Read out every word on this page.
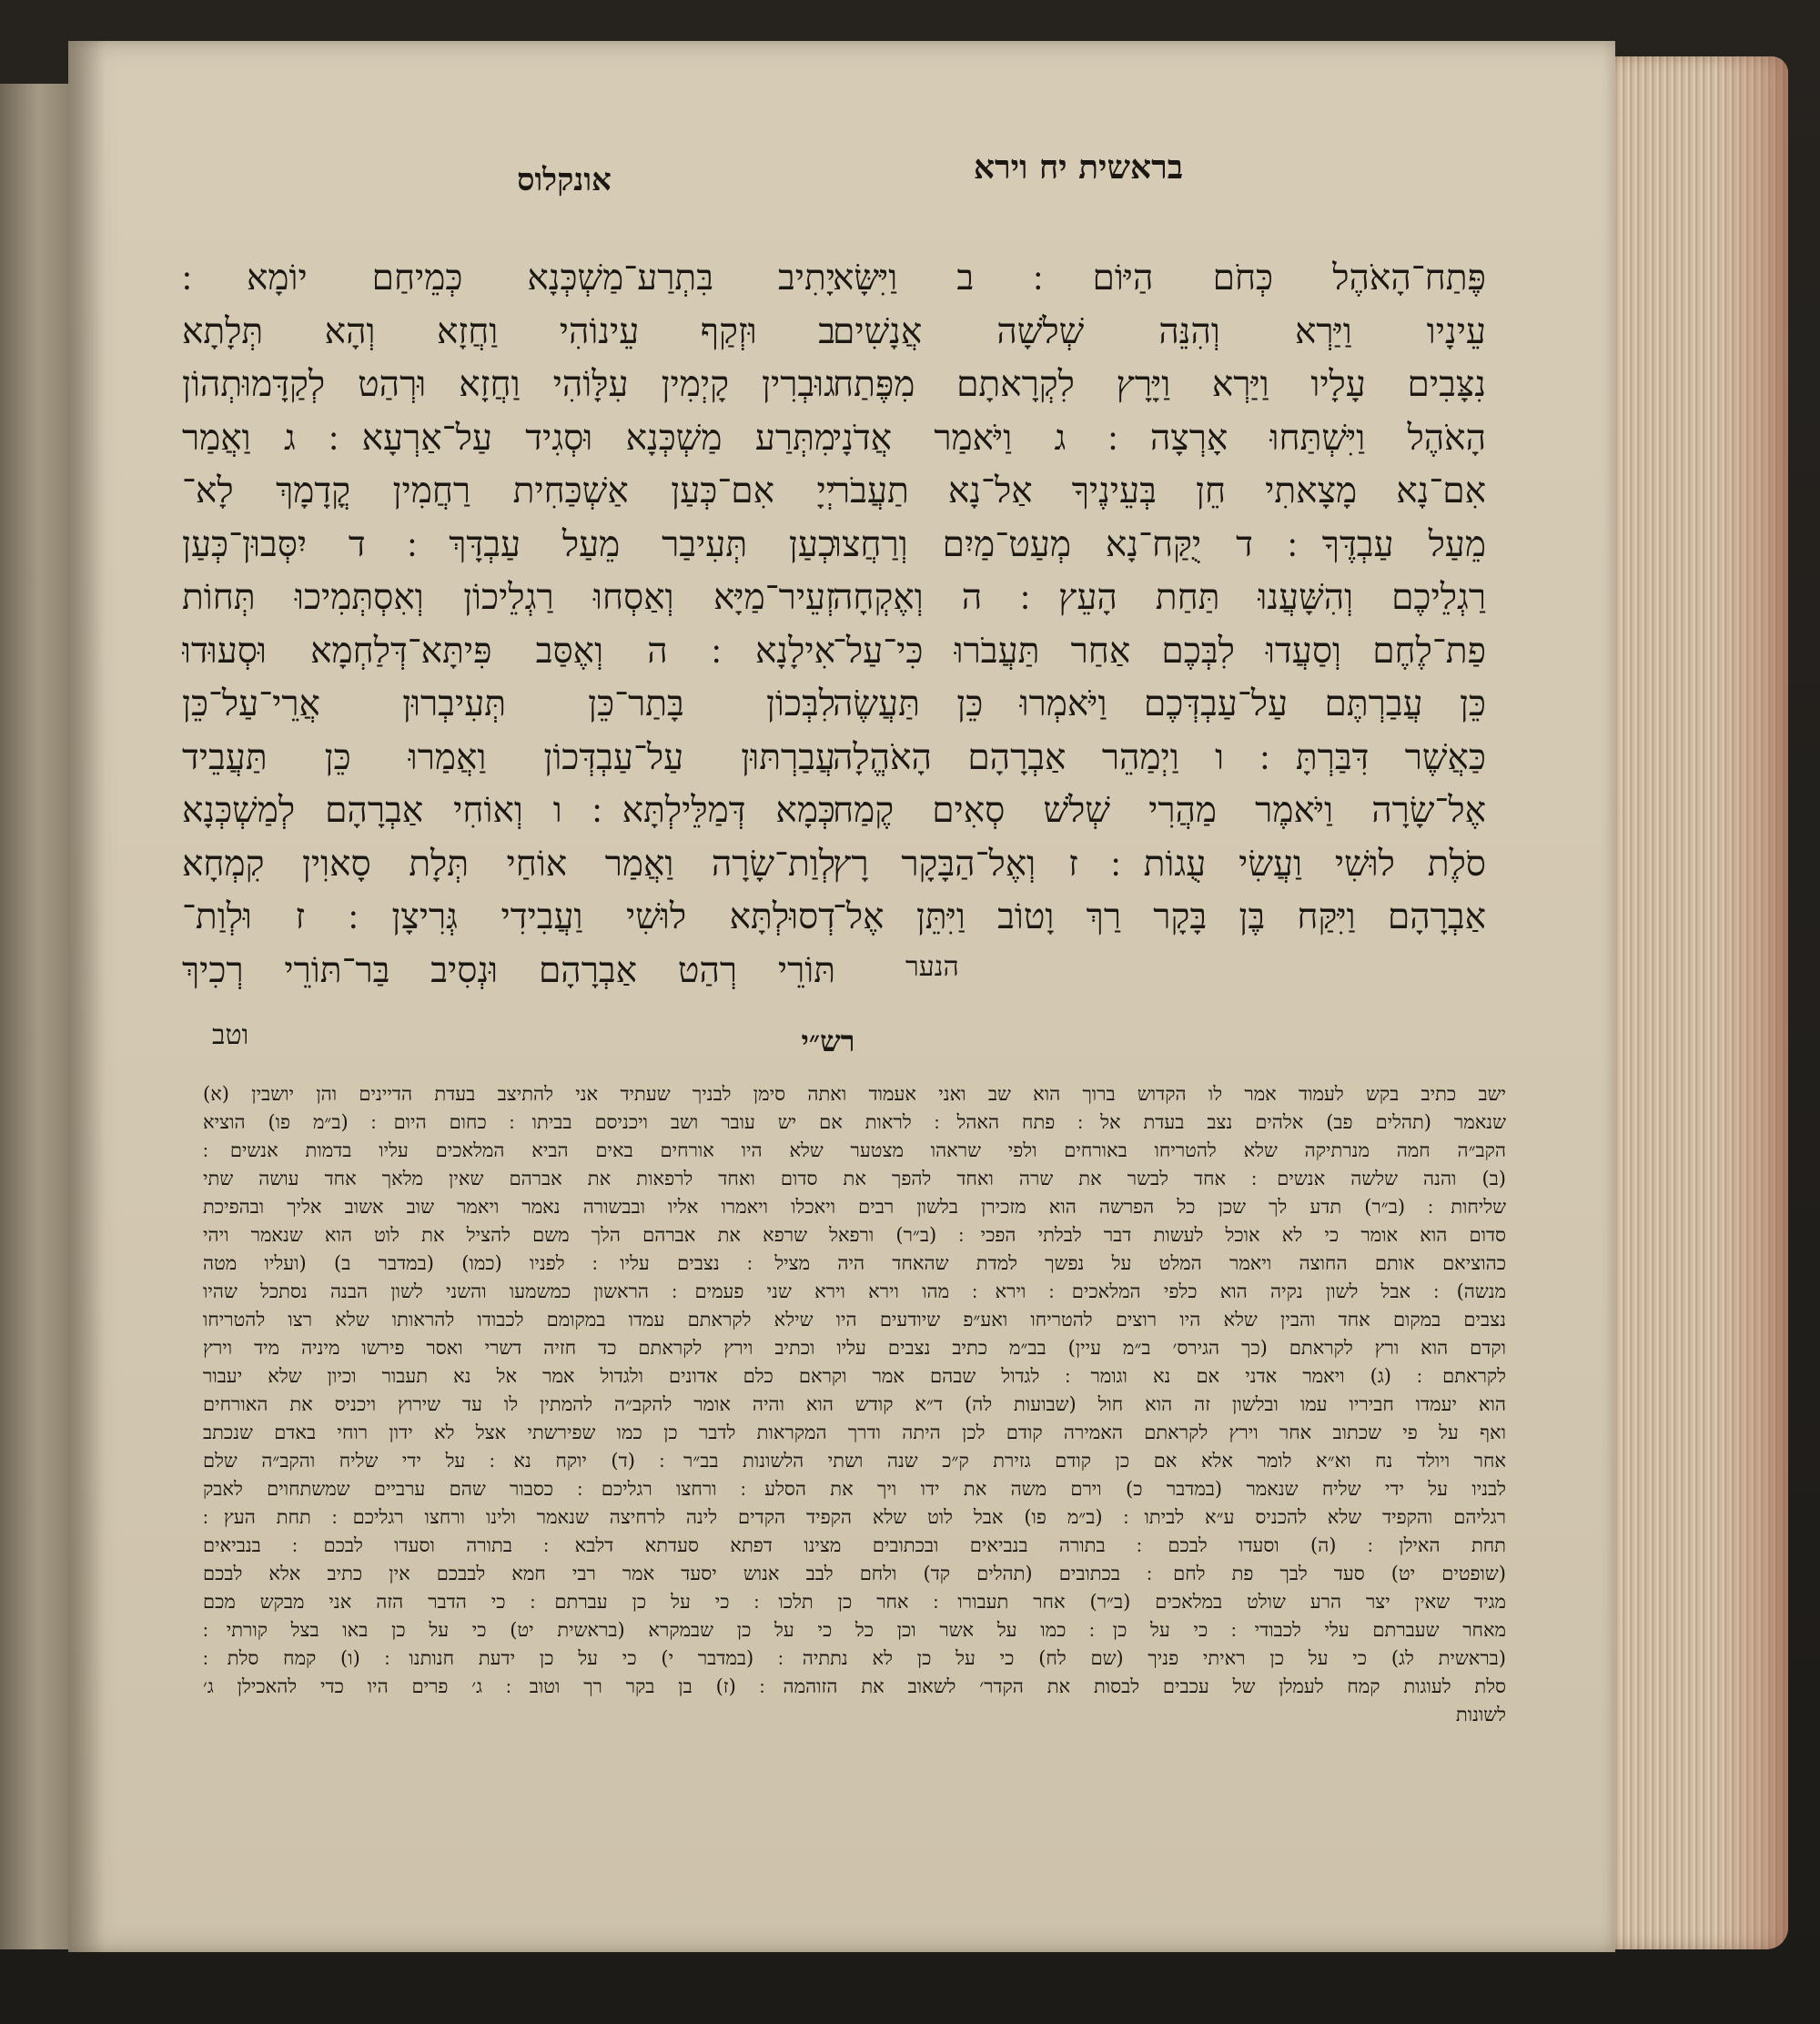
בראשית יח וירא
אונקלוס
פֶּתַח־הָאֹהֶל כְּחֹם הַיּוֹם ׃ ב וַיִּשָּׂא
עֵינָיו וַיַּרְא וְהִנֵּה שְׁלֹשָׁה אֲנָשִׁים
נִצָּבִים עָלָיו וַיַּרְא וַיָּרָץ לִקְרָאתָם מִפֶּתַח
הָאֹהֶל וַיִּשְׁתַּחוּ אָרְצָה ׃ ג וַיֹּאמַר אֲדֹנָי
אִם־נָא מָצָאתִי חֵן בְּעֵינֶיךָ אַל־נָא תַעֲבֹר
מֵעַל עַבְדֶּךָ ׃ ד יֻקַּח־נָא מְעַט־מַיִם וְרַחֲצוּ
רַגְלֵיכֶם וְהִשָּׁעֲנוּ תַּחַת הָעֵץ ׃ ה וְאֶקְחָה
פַת־לֶחֶם וְסַעֲדוּ לִבְּכֶם אַחַר תַּעֲבֹרוּ כִּי־עַל־
כֵּן עֲבַרְתֶּם עַל־עַבְדְּכֶם וַיֹּאמְרוּ כֵּן תַּעֲשֶׂה
כַּאֲשֶׁר דִּבַּרְתָּ ׃ ו וַיְמַהֵר אַבְרָהָם הָאֹהֱלָה
אֶל־שָׂרָה וַיֹּאמֶר מַהֲרִי שְׁלֹשׁ סְאִים קֶמַח
סֹלֶת לוּשִׁי וַעֲשִׂי עֻגוֹת ׃ ז וְאֶל־הַבָּקָר רָץ
אַבְרָהָם וַיִּקַּח בֶּן בָּקָר רַךְ וָטוֹב וַיִּתֵּן אֶל־
יָתִיב בִּתְרַע־מַשְׁכְּנָא כְּמֵיחַם יוֹמָא ׃
ב וּזְקַף עֵינוֹהִי וַחֲזָא וְהָא תְּלָתָא
גוּבְרִין קָיְמִין עִלָּוֹהִי וַחֲזָא וּרְהַט לְקַדָּמוּתְהוֹן
מִתְּרַע מַשְׁכְּנָא וּסְגִיד עַל־אַרְעָא ׃ ג וַאֲמַר
יְיָ אִם־כְּעַן אַשְׁכַּחִית רַחֲמִין קֳדָמָךְ לָא־
כְעַן תְּעִיבַר מֵעַל עַבְדָּךְ ׃ ד יִסְּבוּן־כְּעַן
זְעֵיר־מַיָּא וְאַסְחוּ רַגְלֵיכוֹן וְאִסְתְּמִיכוּ תְּחוֹת
אִילָנָא ׃ ה וְאֶסַּב פִּיתָּא־דְּלַחְמָא וּסְעוּדוּ
לִבְּכוֹן בָּתַר־כֵּן תְּעִיבְרוּן אֲרֵי־עַל־כֵּן
עֲבַרְתּוּן עַל־עַבְדְּכוֹן וַאֲמַרוּ כֵּן תַּעֲבֵיד
כְּמָא דְּמַלֵּילְתָּא ׃ ו וְאוֹחִי אַבְרָהָם לְמַשְׁכְּנָא
לְוַת־שָׂרָה וַאֲמַר אוֹחַי תְּלָת סָאוִין קִמְחָא
דְסוּלְתָּא לוּשִׁי וַעֲבִידִי גְּרִיצָן ׃ ז וּלְוַת־
תּוֹרֵי רְהַט אַבְרָהָם וּנְסִיב בַּר־תּוֹרֵי רְכִיךְ	הנער
וטב	רש״י
ישב כתיב בקש לעמוד אמר לו הקדוש ברוך הוא שב ואני אעמוד ואתה סימן לבניך שעתיד אני להתיצב בעדת הדיינים והן יושבין (א)
שנאמר (תהלים פב) אלהים נצב בעדת אל ׃ פתח האהל ׃ לראות אם יש עובר ושב ויכניסם בביתו ׃ כחום היום ׃ (ב״מ פו) הוציא
הקב״ה חמה מנרתיקה שלא להטריחו באורחים ולפי שראהו מצטער שלא היו אורחים באים הביא המלאכים עליו בדמות אנשים ׃
(ב) והנה שלשה אנשים ׃ אחד לבשר את שרה ואחד להפך את סדום ואחד לרפאות את אברהם שאין מלאך אחד עושה שתי
שליחות ׃ (ב״ר) תדע לך שכן כל הפרשה הוא מזכירן בלשון רבים ויאכלו ויאמרו אליו ובבשורה נאמר ויאמר שוב אשוב אליך ובהפיכת
סדום הוא אומר כי לא אוכל לעשות דבר לבלתי הפכי ׃ (ב״ר) ורפאל שרפא את אברהם הלך משם להציל את לוט הוא שנאמר ויהי
כהוציאם אותם החוצה ויאמר המלט על נפשך למדת שהאחד היה מציל ׃ נצבים עליו ׃ לפניו (כמו) (במדבר ב) (ועליו מטה
מנשה) ׃ אבל לשון נקיה הוא כלפי המלאכים ׃ וירא ׃ מהו וירא וירא שני פעמים ׃ הראשון כמשמעו והשני לשון הבנה נסתכל שהיו
נצבים במקום אחד והבין שלא היו רוצים להטריחו ואע״פ שיודעים היו שילא לקראתם עמדו במקומם לכבודו להראותו שלא רצו להטריחו
וקדם הוא ורץ לקראתם (כך הגירס׳ ב״מ עיין) בב״מ כתיב נצבים עליו וכתיב וירץ לקראתם כד חזיה דשרי ואסר פירשו מיניה מיד וירץ
לקראתם ׃ (ג) ויאמר אדני אם נא וגומר ׃ לגדול שבהם אמר וקראם כלם אדונים ולגדול אמר אל נא תעבור וכיון שלא יעבור
הוא יעמדו חביריו עמו ובלשון זה הוא חול (שבועות לה) ד״א קודש הוא והיה אומר להקב״ה להמתין לו עד שירוץ ויכניס את האורחים
ואף על פי שכתוב אחר וירץ לקראתם האמירה קודם לכן היתה ודרך המקראות לדבר כן כמו שפירשתי אצל לא ידון רוחי באדם שנכתב
אחר ויולד נח וא״א לומר אלא אם כן קודם גזירת ק״כ שנה ושתי הלשונות בב״ר ׃ (ד) יוקח נא ׃ על ידי שליח והקב״ה שלם
לבניו על ידי שליח שנאמר (במדבר כ) וירם משה את ידו ויך את הסלע ׃ ורחצו רגליכם ׃ כסבור שהם ערביים שמשתחוים לאבק
רגליהם והקפיד שלא להכניס ע״א לביתו ׃ (ב״מ פו) אבל לוט שלא הקפיד הקדים לינה לרחיצה שנאמר ולינו ורחצו רגליכם ׃ תחת העץ ׃
תחת האילן ׃ (ה) וסעדו לבכם ׃ בתורה בנביאים ובכתובים מצינו דפתא סעדתא דלבא ׃ בתורה וסעדו לבכם ׃ בנביאים
(שופטים יט) סעד לבך פת לחם ׃ בכתובים (תהלים קד) ולחם לבב אנוש יסעד אמר רבי חמא לבבכם אין כתיב אלא לבכם
מגיד שאין יצר הרע שולט במלאכים (ב״ר) אחר תעבורו ׃ אחר כן תלכו ׃ כי על כן עברתם ׃ כי הדבר הזה אני מבקש מכם
מאחר שעברתם עלי לכבודי ׃ כי על כן ׃ כמו על אשר וכן כל כי על כן שבמקרא (בראשית יט) כי על כן באו בצל קורתי ׃
(בראשית לג) כי על כן ראיתי פניך (שם לח) כי על כן לא נתתיה ׃ (במדבר י) כי על כן ידעת חנותנו ׃ (ו) קמח סלת ׃
סלת לעוגות קמח לעמלן של עכבים לבסות את הקדר׳ לשאוב את הזוהמה ׃ (ז) בן בקר רך וטוב ׃ ג׳ פרים היו כדי להאכילן ג׳
לשונות
